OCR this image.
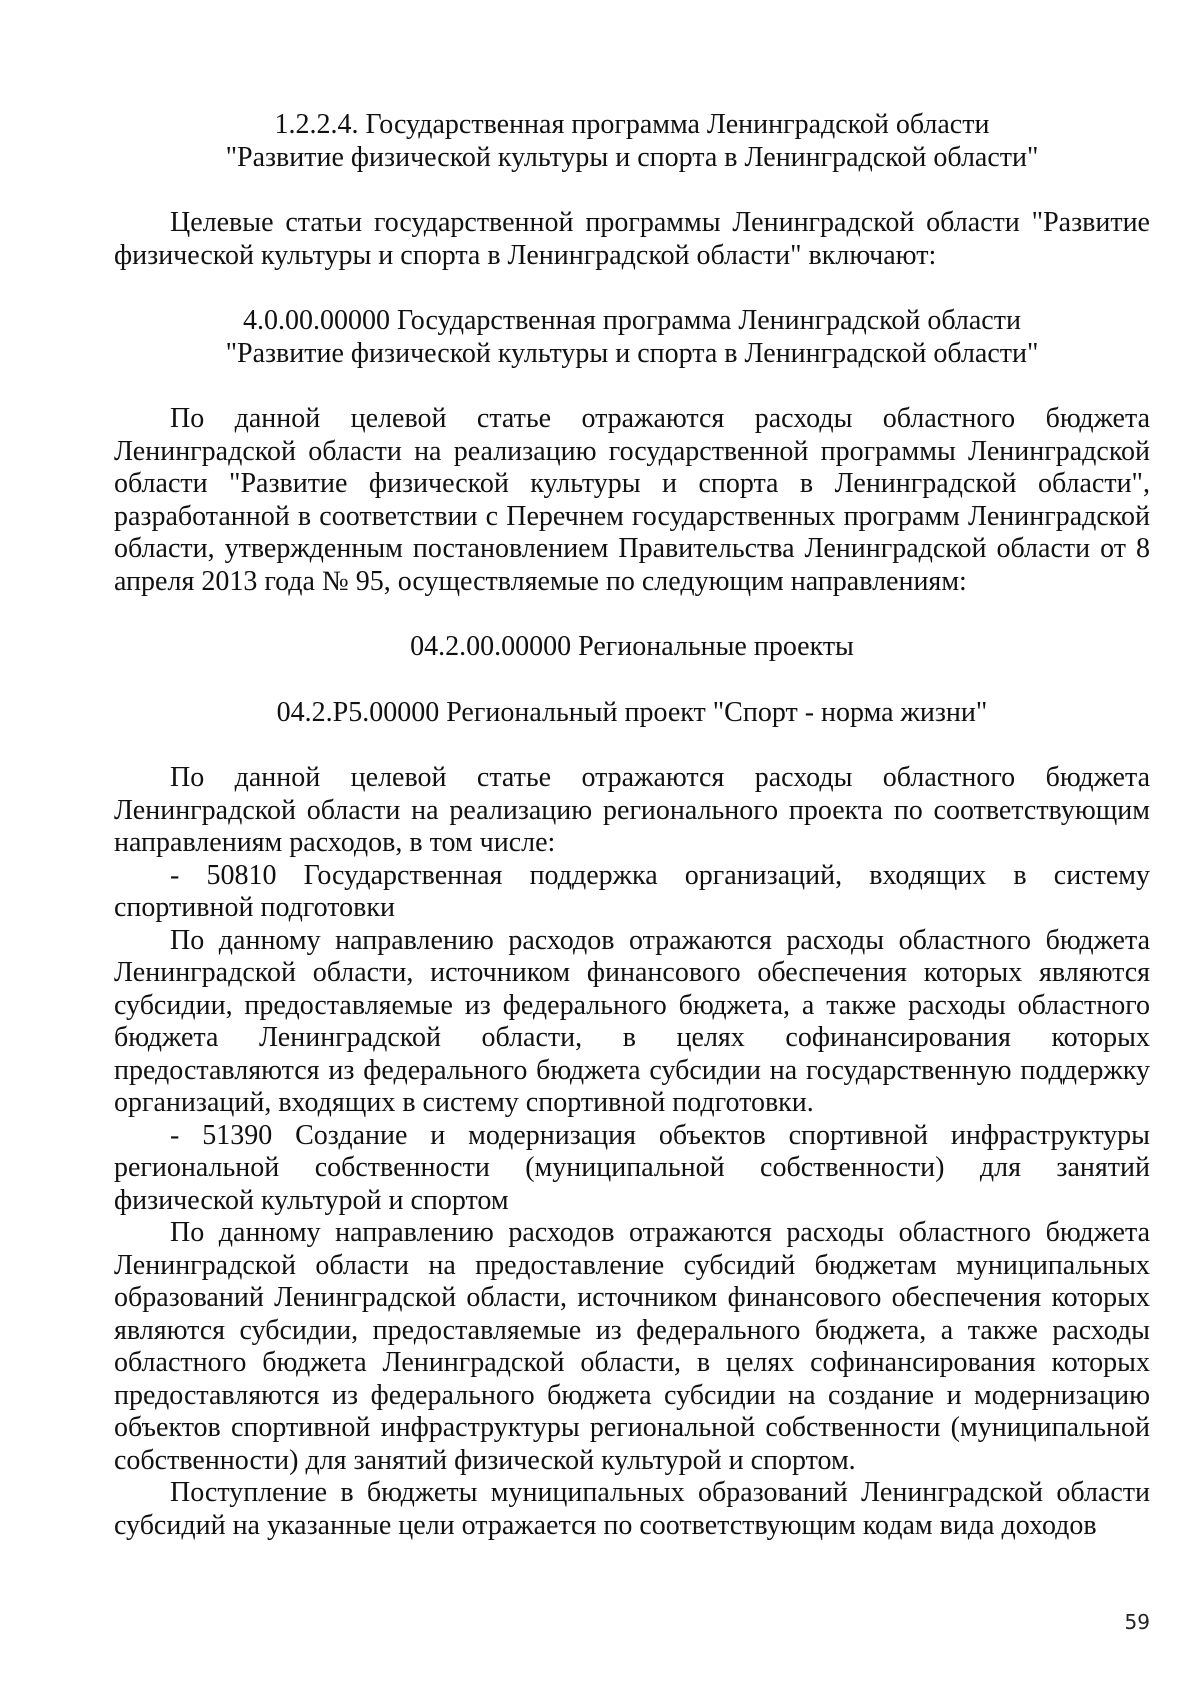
1.2.2.4. Государственная программа Ленинградской области
"Развитие физической культуры и спорта в Ленинградской области"

Целевые статьи государственной программы Ленинградской области "Развитие физической культуры и спорта в Ленинградской области" включают:

4.0.00.00000 Государственная программа Ленинградской области
"Развитие физической культуры и спорта в Ленинградской области"

По данной целевой статье отражаются расходы областного бюджета Ленинградской области на реализацию государственной программы Ленинградской области "Развитие физической культуры и спорта в Ленинградской области", разработанной в соответствии с Перечнем государственных программ Ленинградской области, утвержденным постановлением Правительства Ленинградской области от 8 апреля 2013 года № 95, осуществляемые по следующим направлениям:

04.2.00.00000 Региональные проекты
04.2.P5.00000 Региональный проект "Спорт - норма жизни"

По данной целевой статье отражаются расходы областного бюджета Ленинградской области на реализацию регионального проекта по соответствующим направлениям расходов, в том числе:

- 50810 Государственная поддержка организаций, входящих в систему спортивной подготовки

По данному направлению расходов отражаются расходы областного бюджета Ленинградской области, источником финансового обеспечения которых являются субсидии, предоставляемые из федерального бюджета, а также расходы областного бюджета Ленинградской области, в целях софинансирования которых предоставляются из федерального бюджета субсидии на государственную поддержку организаций, входящих в систему спортивной подготовки.

- 51390 Создание и модернизация объектов спортивной инфраструктуры региональной собственности (муниципальной собственности) для занятий физической культурой и спортом

По данному направлению расходов отражаются расходы областного бюджета Ленинградской области на предоставление субсидий бюджетам муниципальных образований Ленинградской области, источником финансового обеспечения которых являются субсидии, предоставляемые из федерального бюджета, а также расходы областного бюджета Ленинградской области, в целях софинансирования которых предоставляются из федерального бюджета субсидии на создание и модернизацию объектов спортивной инфраструктуры региональной собственности (муниципальной собственности) для занятий физической культурой и спортом.

Поступление в бюджеты муниципальных образований Ленинградской области субсидий на указанные цели отражается по соответствующим кодам вида доходов

59
